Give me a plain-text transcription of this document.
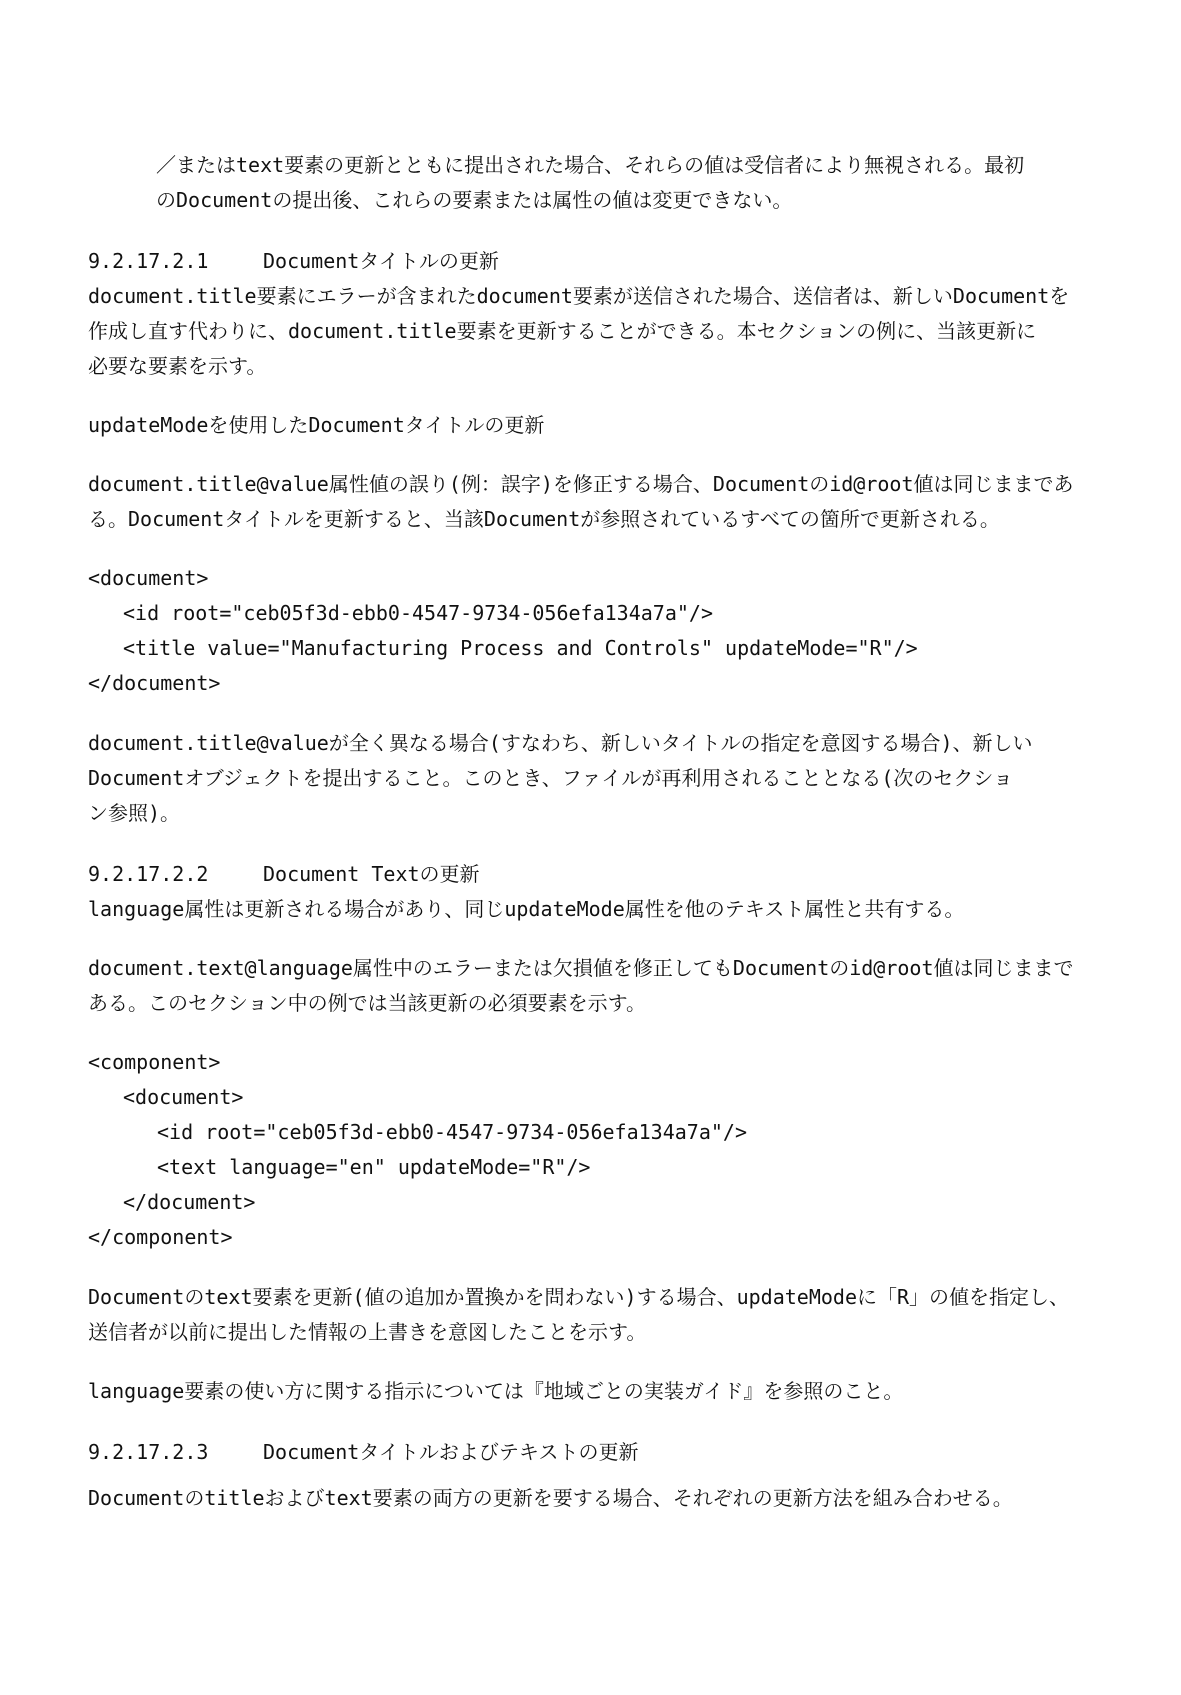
／またはtext要素の更新とともに提出された場合、それらの値は受信者により無視される。最初
のDocumentの提出後、これらの要素または属性の値は変更できない。
9.2.17.2.1	Documentタイトルの更新
document.title要素にエラーが含まれたdocument要素が送信された場合、送信者は、新しいDocumentを
作成し直す代わりに、document.title要素を更新することができる。本セクションの例に、当該更新に
必要な要素を示す。
updateModeを使用したDocumentタイトルの更新
document.title@value属性値の誤り(例：誤字)を修正する場合、Documentのid@root値は同じままであ
る。Documentタイトルを更新すると、当該Documentが参照されているすべての箇所で更新される。
<document>
<id root="ceb05f3d-ebb0-4547-9734-056efa134a7a"/>
<title value="Manufacturing Process and Controls" updateMode="R"/>
</document>
document.title@valueが全く異なる場合(すなわち、新しいタイトルの指定を意図する場合)、新しい
Documentオブジェクトを提出すること。このとき、ファイルが再利用されることとなる(次のセクショ
ン参照)。
9.2.17.2.2	Document Textの更新
language属性は更新される場合があり、同じupdateMode属性を他のテキスト属性と共有する。
document.text@language属性中のエラーまたは欠損値を修正してもDocumentのid@root値は同じままで
ある。このセクション中の例では当該更新の必須要素を示す。
<component>
<document>
<id root="ceb05f3d-ebb0-4547-9734-056efa134a7a"/>
<text language="en" updateMode="R"/>
</document>
</component>
Documentのtext要素を更新(値の追加か置換かを問わない)する場合、updateModeに「R」の値を指定し、
送信者が以前に提出した情報の上書きを意図したことを示す。
language要素の使い方に関する指示については『地域ごとの実装ガイド』を参照のこと。
9.2.17.2.3	Documentタイトルおよびテキストの更新
Documentのtitleおよびtext要素の両方の更新を要する場合、それぞれの更新方法を組み合わせる。
